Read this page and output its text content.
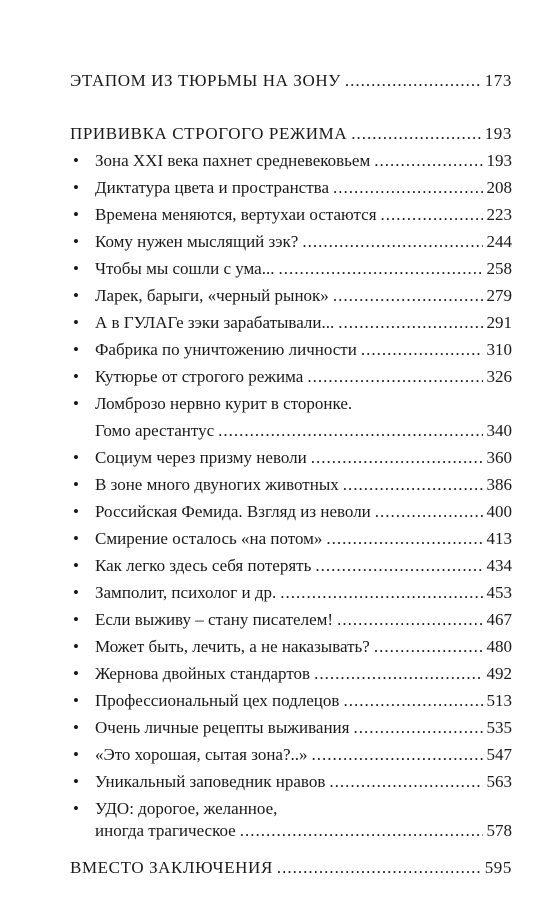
ЭТАПОМ ИЗ ТЮРЬМЫ НА ЗОНУ .....	173
ПРИВИВКА СТРОГОГО РЕЖИМА .....	193
• Зона XXI века пахнет средневековьем .....	193
• Диктатура цвета и пространства .....	208
• Времена меняются, вертухаи остаются .....	223
• Кому нужен мыслящий зэк? .....	244
• Чтобы мы сошли с ума... .....	258
• Ларек, барыги, «черный рынок» .....	279
• А в ГУЛАГе зэки зарабатывали... .....	291
• Фабрика по уничтожению личности .....	310
• Кутюрье от строгого режима .....	326
• Ломброзо нервно курит в сторонке.
Гомо арестантус .....	340
• Социум через призму неволи .....	360
• В зоне много двуногих животных .....	386
• Российская Фемида. Взгляд из неволи .....	400
• Смирение осталось «на потом» .....	413
• Как легко здесь себя потерять .....	434
• Замполит, психолог и др. .....	453
• Если выживу – стану писателем! .....	467
• Может быть, лечить, а не наказывать? .....	480
• Жернова двойных стандартов .....	492
• Профессиональный цех подлецов .....	513
• Очень личные рецепты выживания .....	535
• «Это хорошая, сытая зона?..» .....	547
• Уникальный заповедник нравов .....	563
• УДО: дорогое, желанное,
иногда трагическое .....	578
ВМЕСТО ЗАКЛЮЧЕНИЯ .....	595
